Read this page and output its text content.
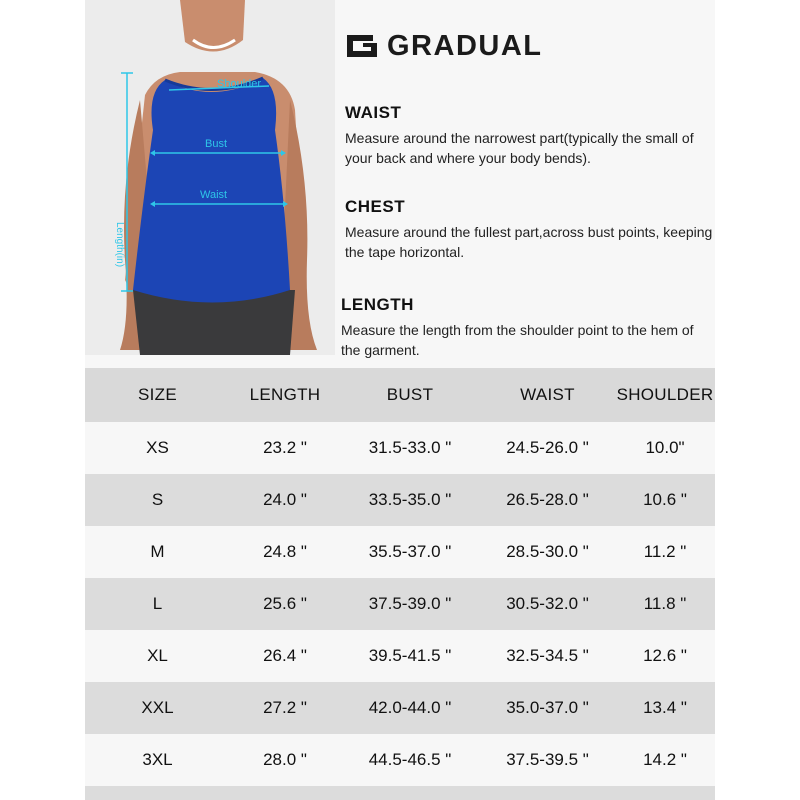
Shoulder
Bust
Waist
Length(in)
GRADUAL
WAIST
Measure around the narrowest part(typically the small of your back and where your body bends).
CHEST
Measure around the fullest part,across bust points, keeping the tape horizontal.
LENGTH
Measure the length from the shoulder point to the hem of the garment.
SIZE	LENGTH	BUST	WAIST	SHOULDER
XS	23.2 "	31.5-33.0 "	24.5-26.0 "	10.0"
S	24.0 "	33.5-35.0 "	26.5-28.0 "	10.6 "
M	24.8 "	35.5-37.0 "	28.5-30.0 "	11.2 "
L	25.6 "	37.5-39.0 "	30.5-32.0 "	11.8 "
XL	26.4 "	39.5-41.5 "	32.5-34.5 "	12.6 "
XXL	27.2 "	42.0-44.0 "	35.0-37.0 "	13.4 "
3XL	28.0 "	44.5-46.5 "	37.5-39.5 "	14.2 "
